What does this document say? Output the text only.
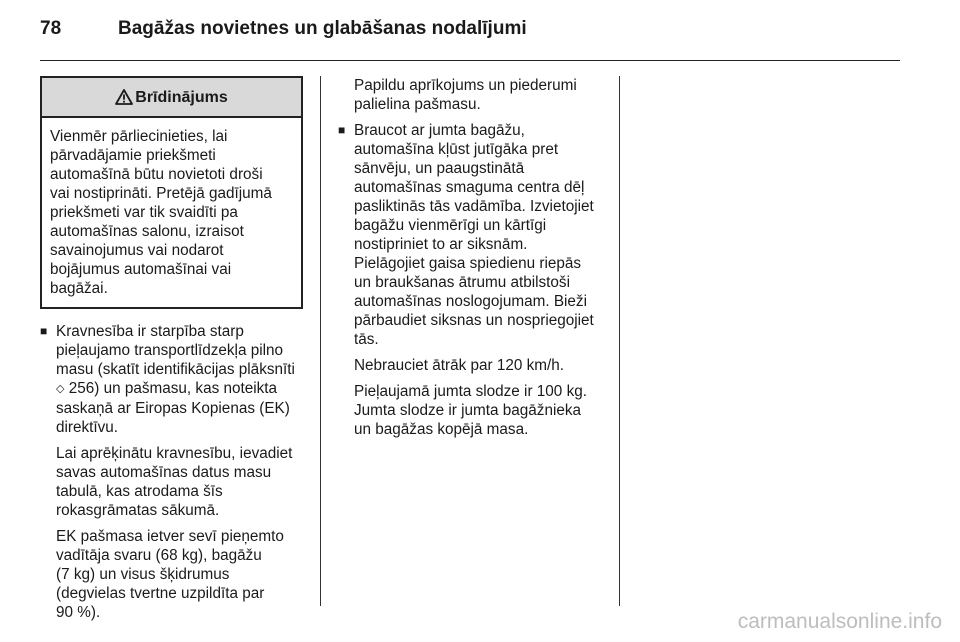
78	Bagāžas novietnes un glabāšanas nodalījumi
Brīdinājums
Vienmēr pārliecinieties, lai
pārvadājamie priekšmeti
automašīnā būtu novietoti droši
vai nostiprināti. Pretējā gadījumā
priekšmeti var tik svaidīti pa
automašīnas salonu, izraisot
savainojumus vai nodarot
bojājumus automašīnai vai
bagāžai.
■ Kravnesība ir starpība starp
pieļaujamo transportlīdzekļa pilno
masu (skatīt identifikācijas plāksnīti
◇ 256) un pašmasu, kas noteikta
saskaņā ar Eiropas Kopienas (EK)
direktīvu.
Lai aprēķinātu kravnesību, ievadiet
savas automašīnas datus masu
tabulā, kas atrodama šīs
rokasgrāmatas sākumā.
EK pašmasa ietver sevī pieņemto
vadītāja svaru (68 kg), bagāžu
(7 kg) un visus šķidrumus
(degvielas tvertne uzpildīta par
90 %).
Papildu aprīkojums un piederumi
palielina pašmasu.
■ Braucot ar jumta bagāžu,
automašīna kļūst jutīgāka pret
sānvēju, un paaugstinātā
automašīnas smaguma centra dēļ
pasliktinās tās vadāmība. Izvietojiet
bagāžu vienmērīgi un kārtīgi
nostipriniet to ar siksnām.
Pielāgojiet gaisa spiedienu riepās
un braukšanas ātrumu atbilstoši
automašīnas noslogojumam. Bieži
pārbaudiet siksnas un nospriegojiet
tās.
Nebrauciet ātrāk par 120 km/h.
Pieļaujamā jumta slodze ir 100 kg.
Jumta slodze ir jumta bagāžnieka
un bagāžas kopējā masa.
carmanualsonline.info
